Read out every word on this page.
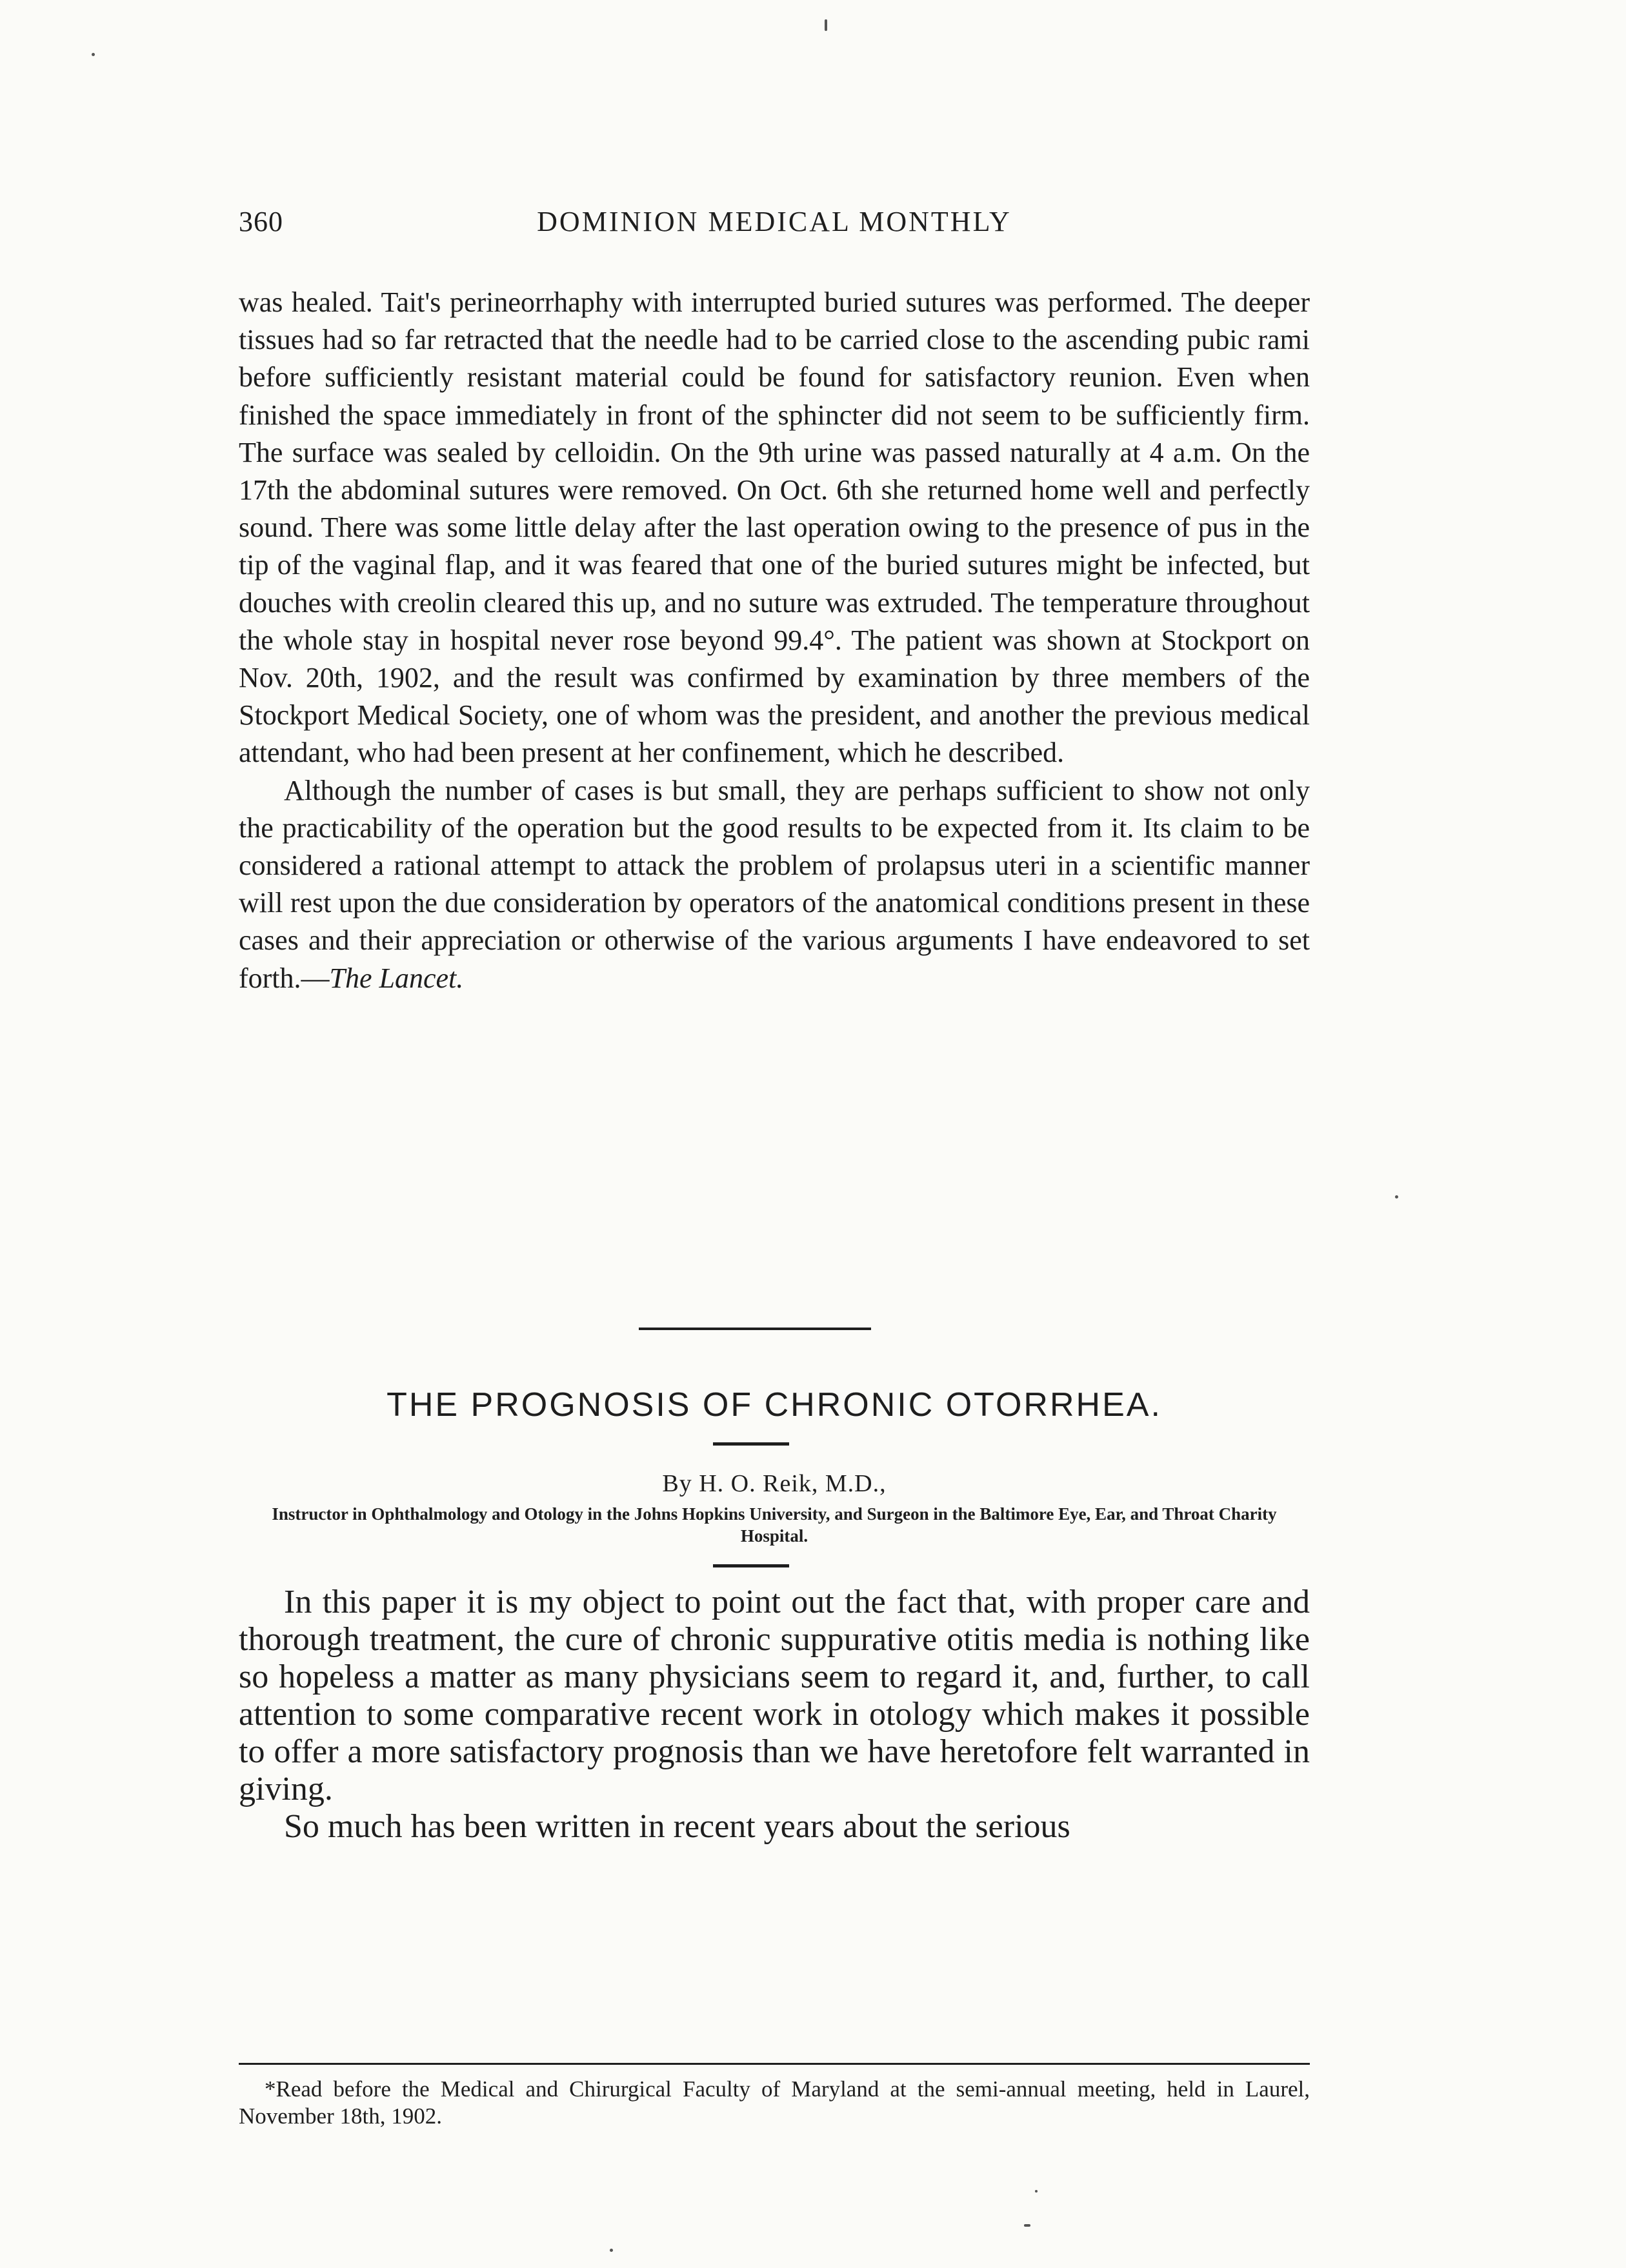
360	DOMINION MEDICAL MONTHLY

was healed. Tait's perineorrhaphy with interrupted buried sutures was performed. The deeper tissues had so far retracted that the needle had to be carried close to the ascending pubic rami before sufficiently resistant material could be found for satisfactory reunion. Even when finished the space immediately in front of the sphincter did not seem to be sufficiently firm. The surface was sealed by celloidin. On the 9th urine was passed naturally at 4 a.m. On the 17th the abdominal sutures were removed. On Oct. 6th she returned home well and perfectly sound. There was some little delay after the last operation owing to the presence of pus in the tip of the vaginal flap, and it was feared that one of the buried sutures might be infected, but douches with creolin cleared this up, and no suture was extruded. The temperature throughout the whole stay in hospital never rose beyond 99.4°. The patient was shown at Stockport on Nov. 20th, 1902, and the result was confirmed by examination by three members of the Stockport Medical Society, one of whom was the president, and another the previous medical attendant, who had been present at her confinement, which he described.

Although the number of cases is but small, they are perhaps sufficient to show not only the practicability of the operation but the good results to be expected from it. Its claim to be considered a rational attempt to attack the problem of prolapsus uteri in a scientific manner will rest upon the due consideration by operators of the anatomical conditions present in these cases and their appreciation or otherwise of the various arguments I have endeavored to set forth.—The Lancet.

THE PROGNOSIS OF CHRONIC OTORRHEA.
By H. O. Reik, M.D.,
Instructor in Ophthalmology and Otology in the Johns Hopkins University, and Surgeon in the Baltimore Eye, Ear, and Throat Charity Hospital.

In this paper it is my object to point out the fact that, with proper care and thorough treatment, the cure of chronic suppurative otitis media is nothing like so hopeless a matter as many physicians seem to regard it, and, further, to call attention to some comparative recent work in otology which makes it possible to offer a more satisfactory prognosis than we have heretofore felt warranted in giving.

So much has been written in recent years about the serious

*Read before the Medical and Chirurgical Faculty of Maryland at the semi-annual meeting, held in Laurel, November 18th, 1902.
